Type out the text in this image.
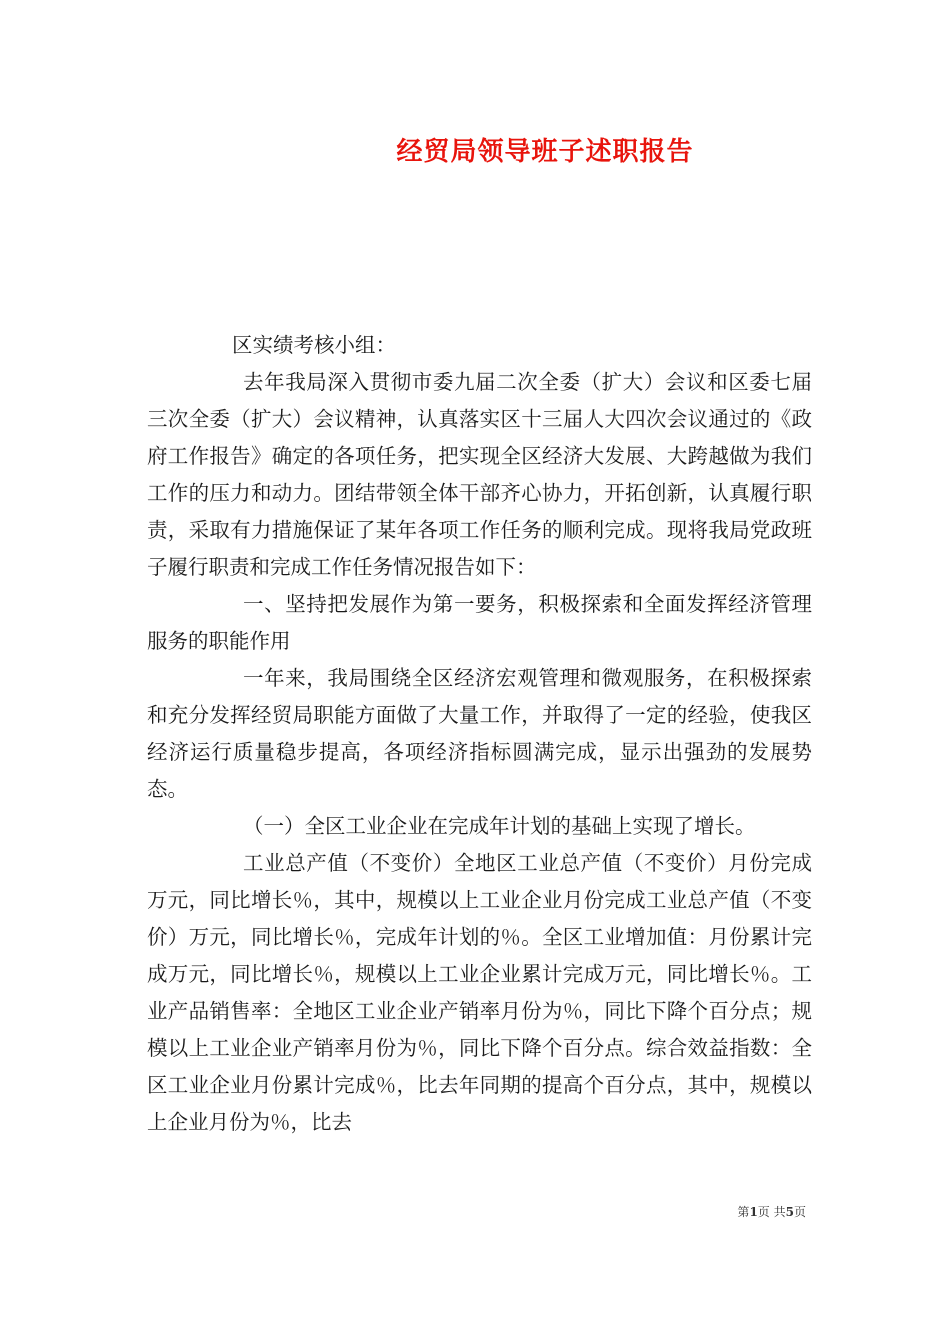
经贸局领导班子述职报告

区实绩考核小组：

去年我局深入贯彻市委九届二次全委（扩大）会议和区委七届三次全委（扩大）会议精神，认真落实区十三届人大四次会议通过的《政府工作报告》确定的各项任务，把实现全区经济大发展、大跨越做为我们工作的压力和动力。团结带领全体干部齐心协力，开拓创新，认真履行职责，采取有力措施保证了某年各项工作任务的顺利完成。现将我局党政班子履行职责和完成工作任务情况报告如下：

一、坚持把发展作为第一要务，积极探索和全面发挥经济管理服务的职能作用

一年来，我局围绕全区经济宏观管理和微观服务，在积极探索和充分发挥经贸局职能方面做了大量工作，并取得了一定的经验，使我区经济运行质量稳步提高，各项经济指标圆满完成，显示出强劲的发展势态。

（一）全区工业企业在完成年计划的基础上实现了增长。

工业总产值（不变价）全地区工业总产值（不变价）月份完成万元，同比增长％，其中，规模以上工业企业月份完成工业总产值（不变价）万元，同比增长％，完成年计划的％。全区工业增加值：月份累计完成万元，同比增长％，规模以上工业企业累计完成万元，同比增长％。工业产品销售率：全地区工业企业产销率月份为％，同比下降个百分点；规模以上工业企业产销率月份为％，同比下降个百分点。综合效益指数：全区工业企业月份累计完成％，比去年同期的提高个百分点，其中，规模以上企业月份为％，比去

第1页 共5页
